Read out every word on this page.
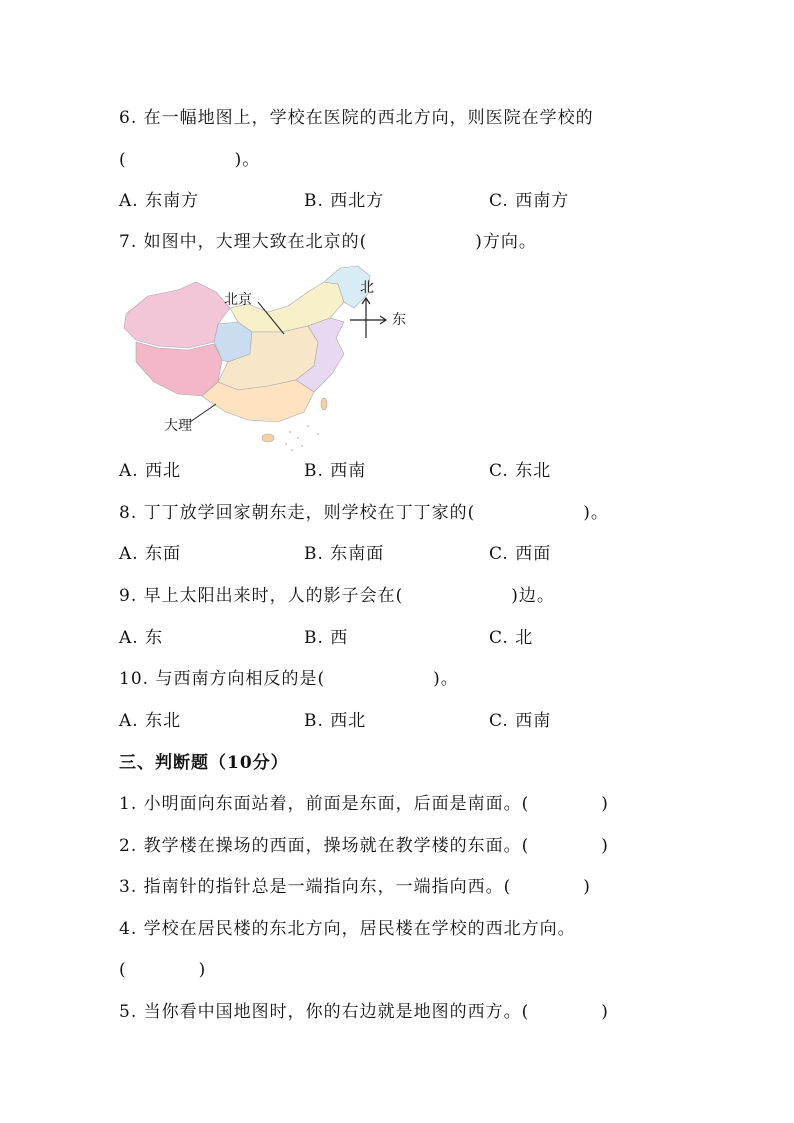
6. 在一幅地图上，学校在医院的西北方向，则医院在学校的
(　　　　　　)。
A. 东南方	B. 西北方	C. 西南方
7. 如图中，大理大致在北京的(　　　　　　)方向。
北京
大理
北
东
A. 西北	B. 西南	C. 东北
8. 丁丁放学回家朝东走，则学校在丁丁家的(　　　　　　)。
A. 东面	B. 东南面	C. 西面
9. 早上太阳出来时，人的影子会在(　　　　　　)边。
A. 东	B. 西	C. 北
10. 与西南方向相反的是(　　　　　　)。
A. 东北	B. 西北	C. 西南
三、判断题（10分）
1. 小明面向东面站着，前面是东面，后面是南面。(　　　　)
2. 教学楼在操场的西面，操场就在教学楼的东面。(　　　　)
3. 指南针的指针总是一端指向东，一端指向西。(　　　　)
4. 学校在居民楼的东北方向，居民楼在学校的西北方向。
(　　　　)
5. 当你看中国地图时，你的右边就是地图的西方。(　　　　)
